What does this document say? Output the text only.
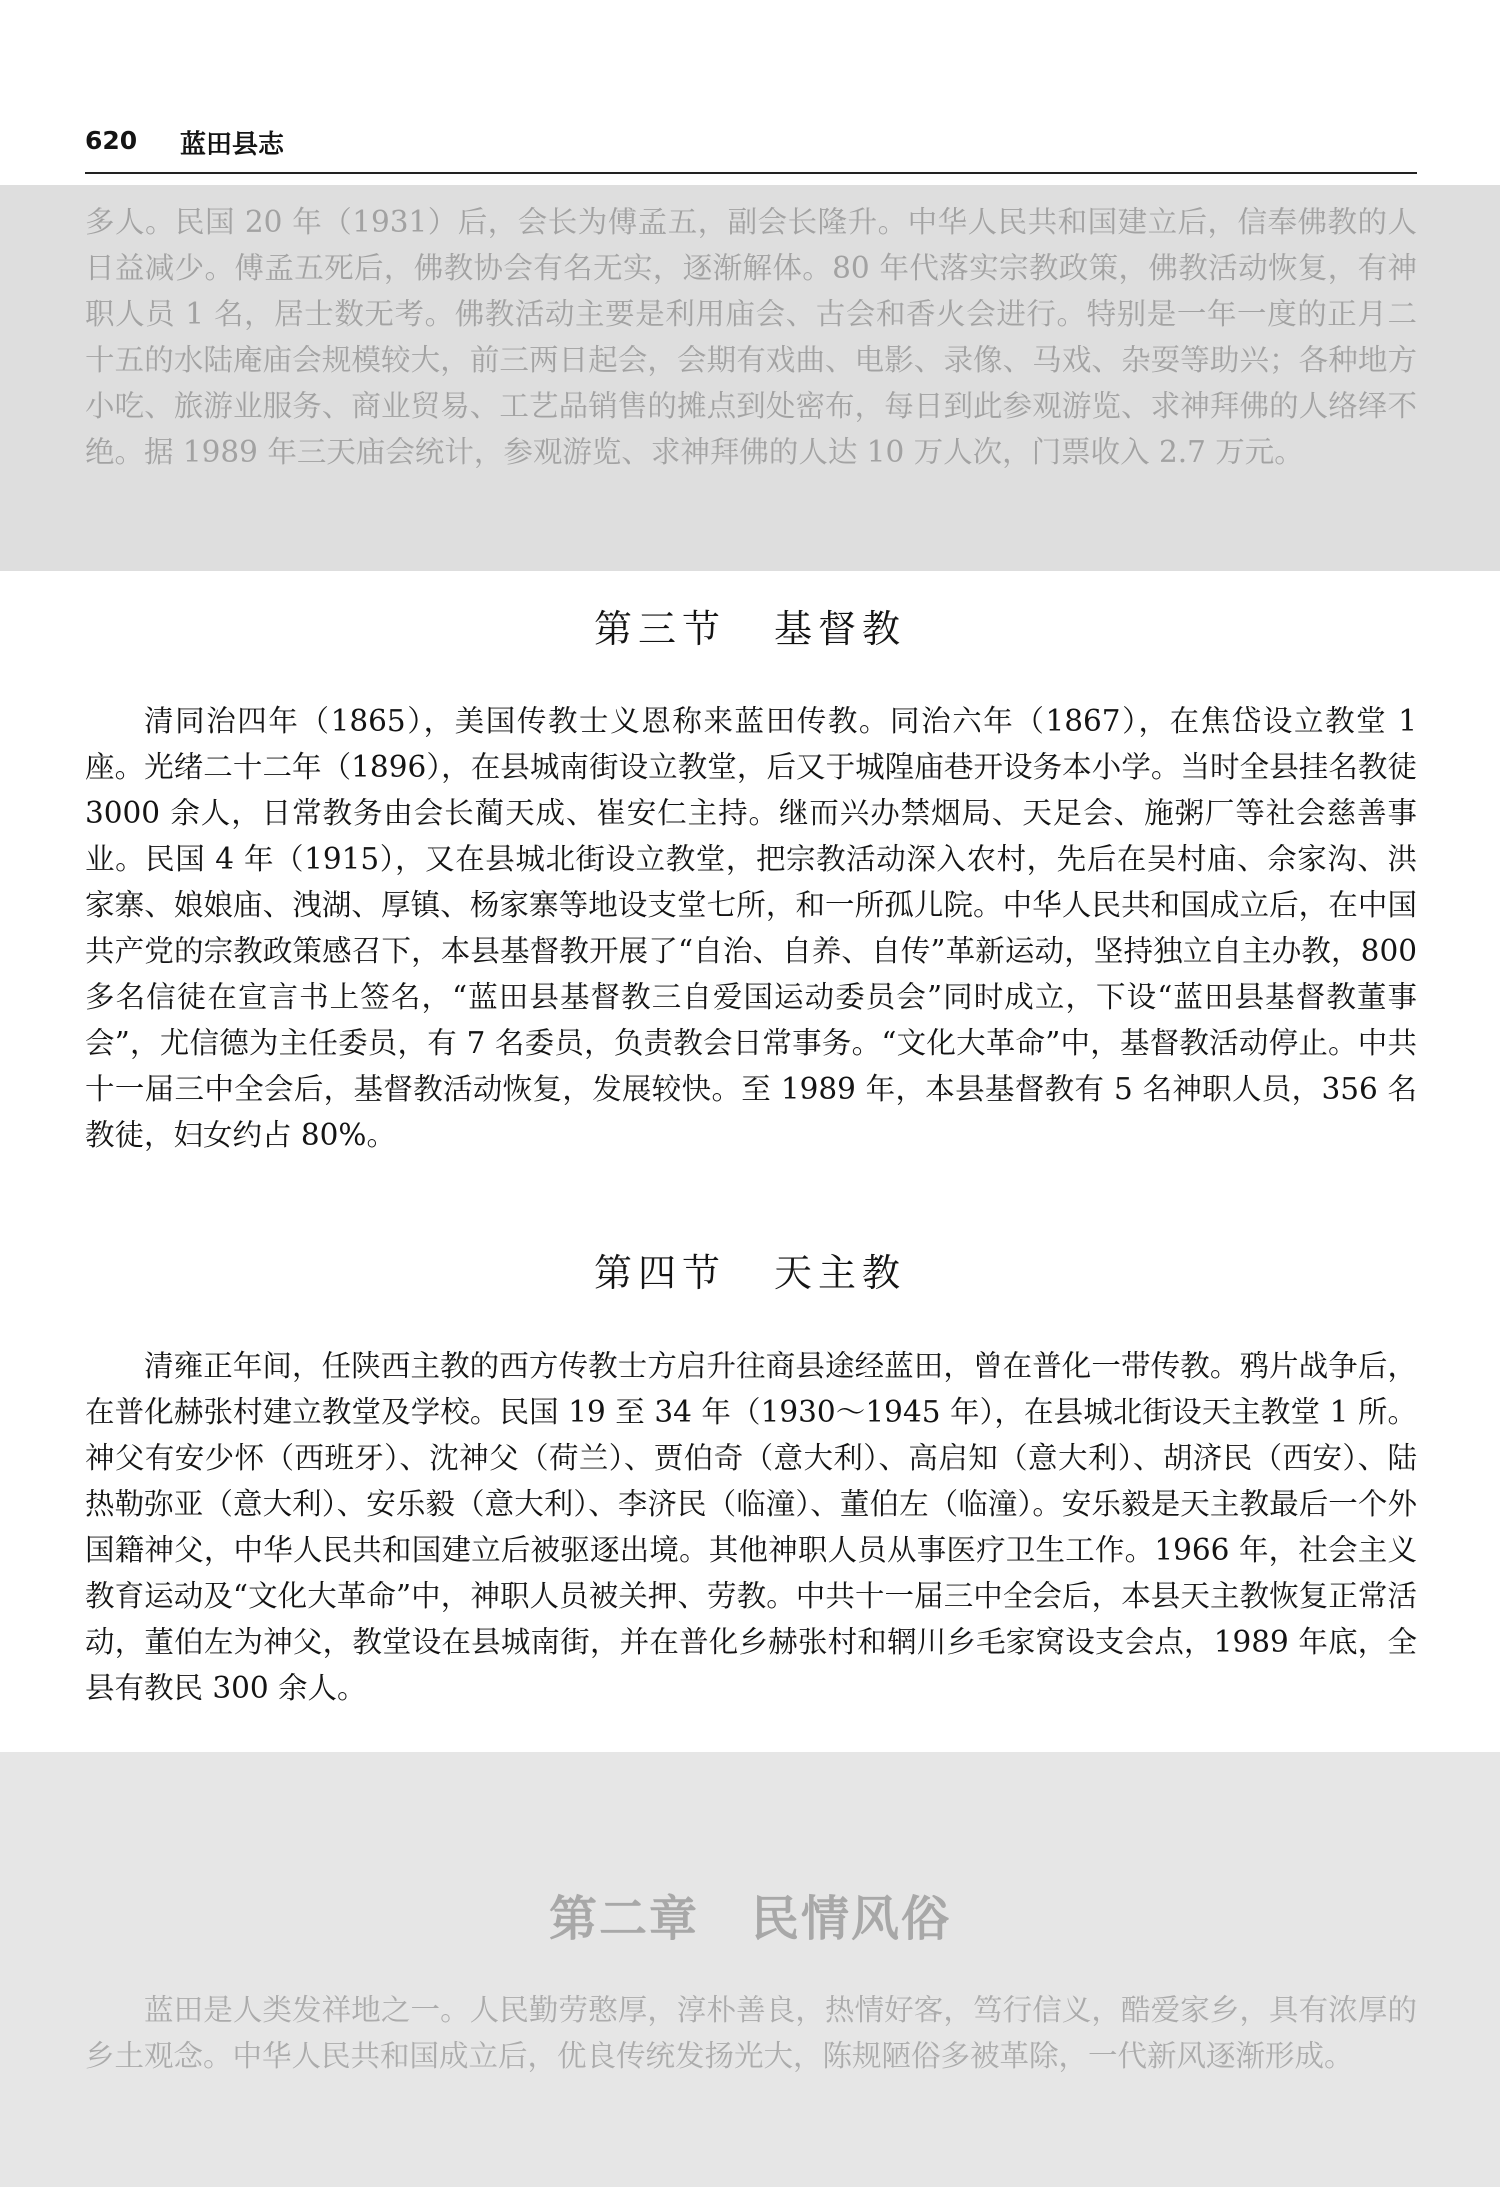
620 蓝田县志

多人。民国 20 年（1931）后，会长为傅孟五，副会长隆升。中华人民共和国建立后，信奉佛教的人日益减少。傅孟五死后，佛教协会有名无实，逐渐解体。80 年代落实宗教政策，佛教活动恢复，有神职人员 1 名，居士数无考。佛教活动主要是利用庙会、古会和香火会进行。特别是一年一度的正月二十五的水陆庵庙会规模较大，前三两日起会，会期有戏曲、电影、录像、马戏、杂耍等助兴；各种地方小吃、旅游业服务、商业贸易、工艺品销售的摊点到处密布，每日到此参观游览、求神拜佛的人络绎不绝。据 1989 年三天庙会统计，参观游览、求神拜佛的人达 10 万人次，门票收入 2.7 万元。

第三节 基督教

清同治四年（1865），美国传教士义恩称来蓝田传教。同治六年（1867），在焦岱设立教堂 1 座。光绪二十二年（1896），在县城南街设立教堂，后又于城隍庙巷开设务本小学。当时全县挂名教徒 3000 余人，日常教务由会长蔺天成、崔安仁主持。继而兴办禁烟局、天足会、施粥厂等社会慈善事业。民国 4 年（1915），又在县城北街设立教堂，把宗教活动深入农村，先后在吴村庙、佘家沟、洪家寨、娘娘庙、洩湖、厚镇、杨家寨等地设支堂七所，和一所孤儿院。中华人民共和国成立后，在中国共产党的宗教政策感召下，本县基督教开展了“自治、自养、自传”革新运动，坚持独立自主办教，800 多名信徒在宣言书上签名，“蓝田县基督教三自爱国运动委员会”同时成立，下设“蓝田县基督教董事会”，尤信德为主任委员，有 7 名委员，负责教会日常事务。“文化大革命”中，基督教活动停止。中共十一届三中全会后，基督教活动恢复，发展较快。至 1989 年，本县基督教有 5 名神职人员，356 名教徒，妇女约占 80%。

第四节 天主教

清雍正年间，任陕西主教的西方传教士方启升往商县途经蓝田，曾在普化一带传教。鸦片战争后，在普化赫张村建立教堂及学校。民国 19 至 34 年（1930～1945 年），在县城北街设天主教堂 1 所。神父有安少怀（西班牙）、沈神父（荷兰）、贾伯奇（意大利）、高启知（意大利）、胡济民（西安）、陆热勒弥亚（意大利）、安乐毅（意大利）、李济民（临潼）、董伯左（临潼）。安乐毅是天主教最后一个外国籍神父，中华人民共和国建立后被驱逐出境。其他神职人员从事医疗卫生工作。1966 年，社会主义教育运动及“文化大革命”中，神职人员被关押、劳教。中共十一届三中全会后，本县天主教恢复正常活动，董伯左为神父，教堂设在县城南街，并在普化乡赫张村和辋川乡毛家窝设支会点，1989 年底，全县有教民 300 余人。

第二章 民情风俗

蓝田是人类发祥地之一。人民勤劳憨厚，淳朴善良，热情好客，笃行信义，酷爱家乡，具有浓厚的乡土观念。中华人民共和国成立后，优良传统发扬光大，陈规陋俗多被革除，一代新风逐渐形成。
